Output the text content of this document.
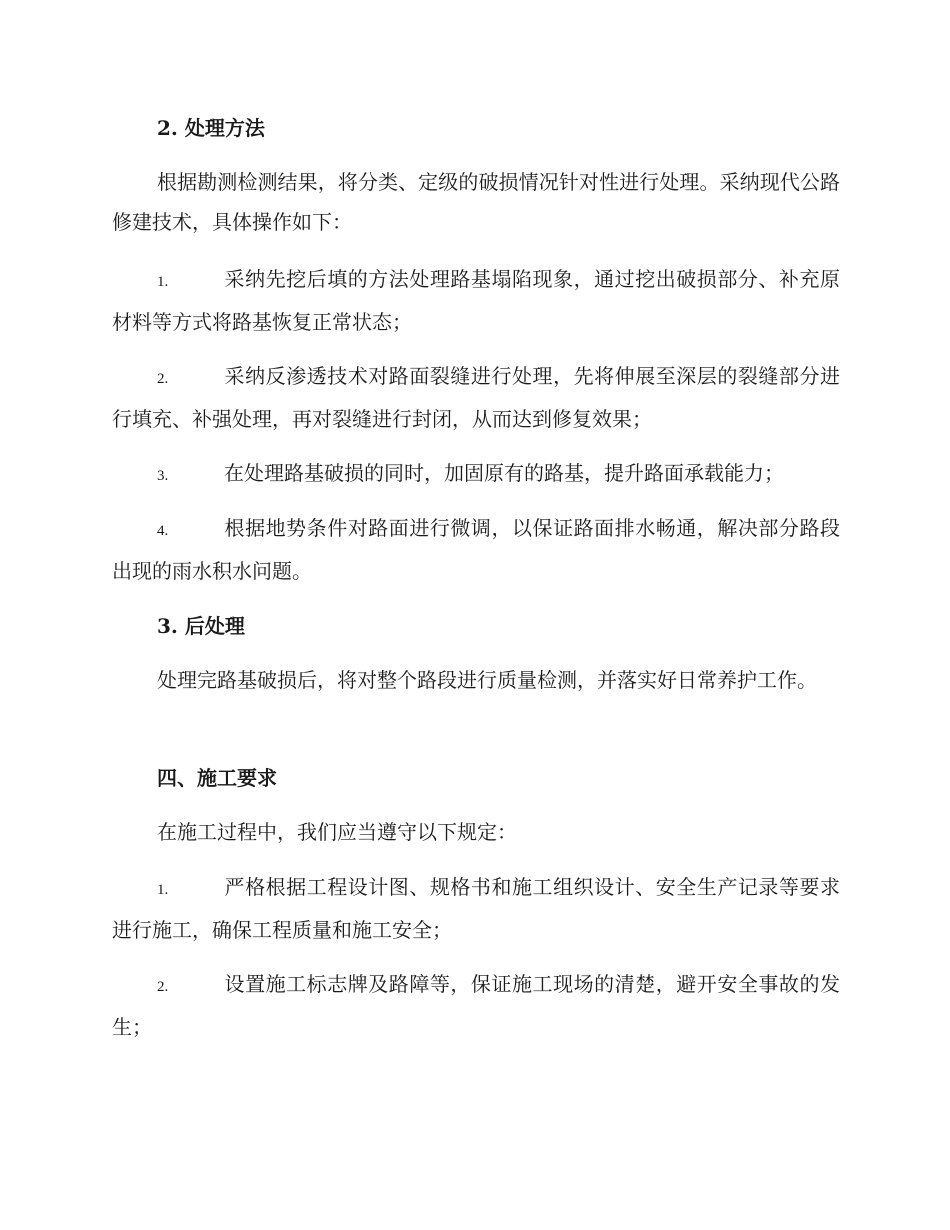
2. 处理方法
根据勘测检测结果，将分类、定级的破损情况针对性进行处理。采纳现代公路修建技术，具体操作如下：
1.	采纳先挖后填的方法处理路基塌陷现象，通过挖出破损部分、补充原材料等方式将路基恢复正常状态；
2.	采纳反渗透技术对路面裂缝进行处理，先将伸展至深层的裂缝部分进行填充、补强处理，再对裂缝进行封闭，从而达到修复效果；
3.	在处理路基破损的同时，加固原有的路基，提升路面承载能力；
4.	根据地势条件对路面进行微调，以保证路面排水畅通，解决部分路段出现的雨水积水问题。
3. 后处理
处理完路基破损后，将对整个路段进行质量检测，并落实好日常养护工作。
四、施工要求
在施工过程中，我们应当遵守以下规定：
1.	严格根据工程设计图、规格书和施工组织设计、安全生产记录等要求进行施工，确保工程质量和施工安全；
2.	设置施工标志牌及路障等，保证施工现场的清楚，避开安全事故的发生；
